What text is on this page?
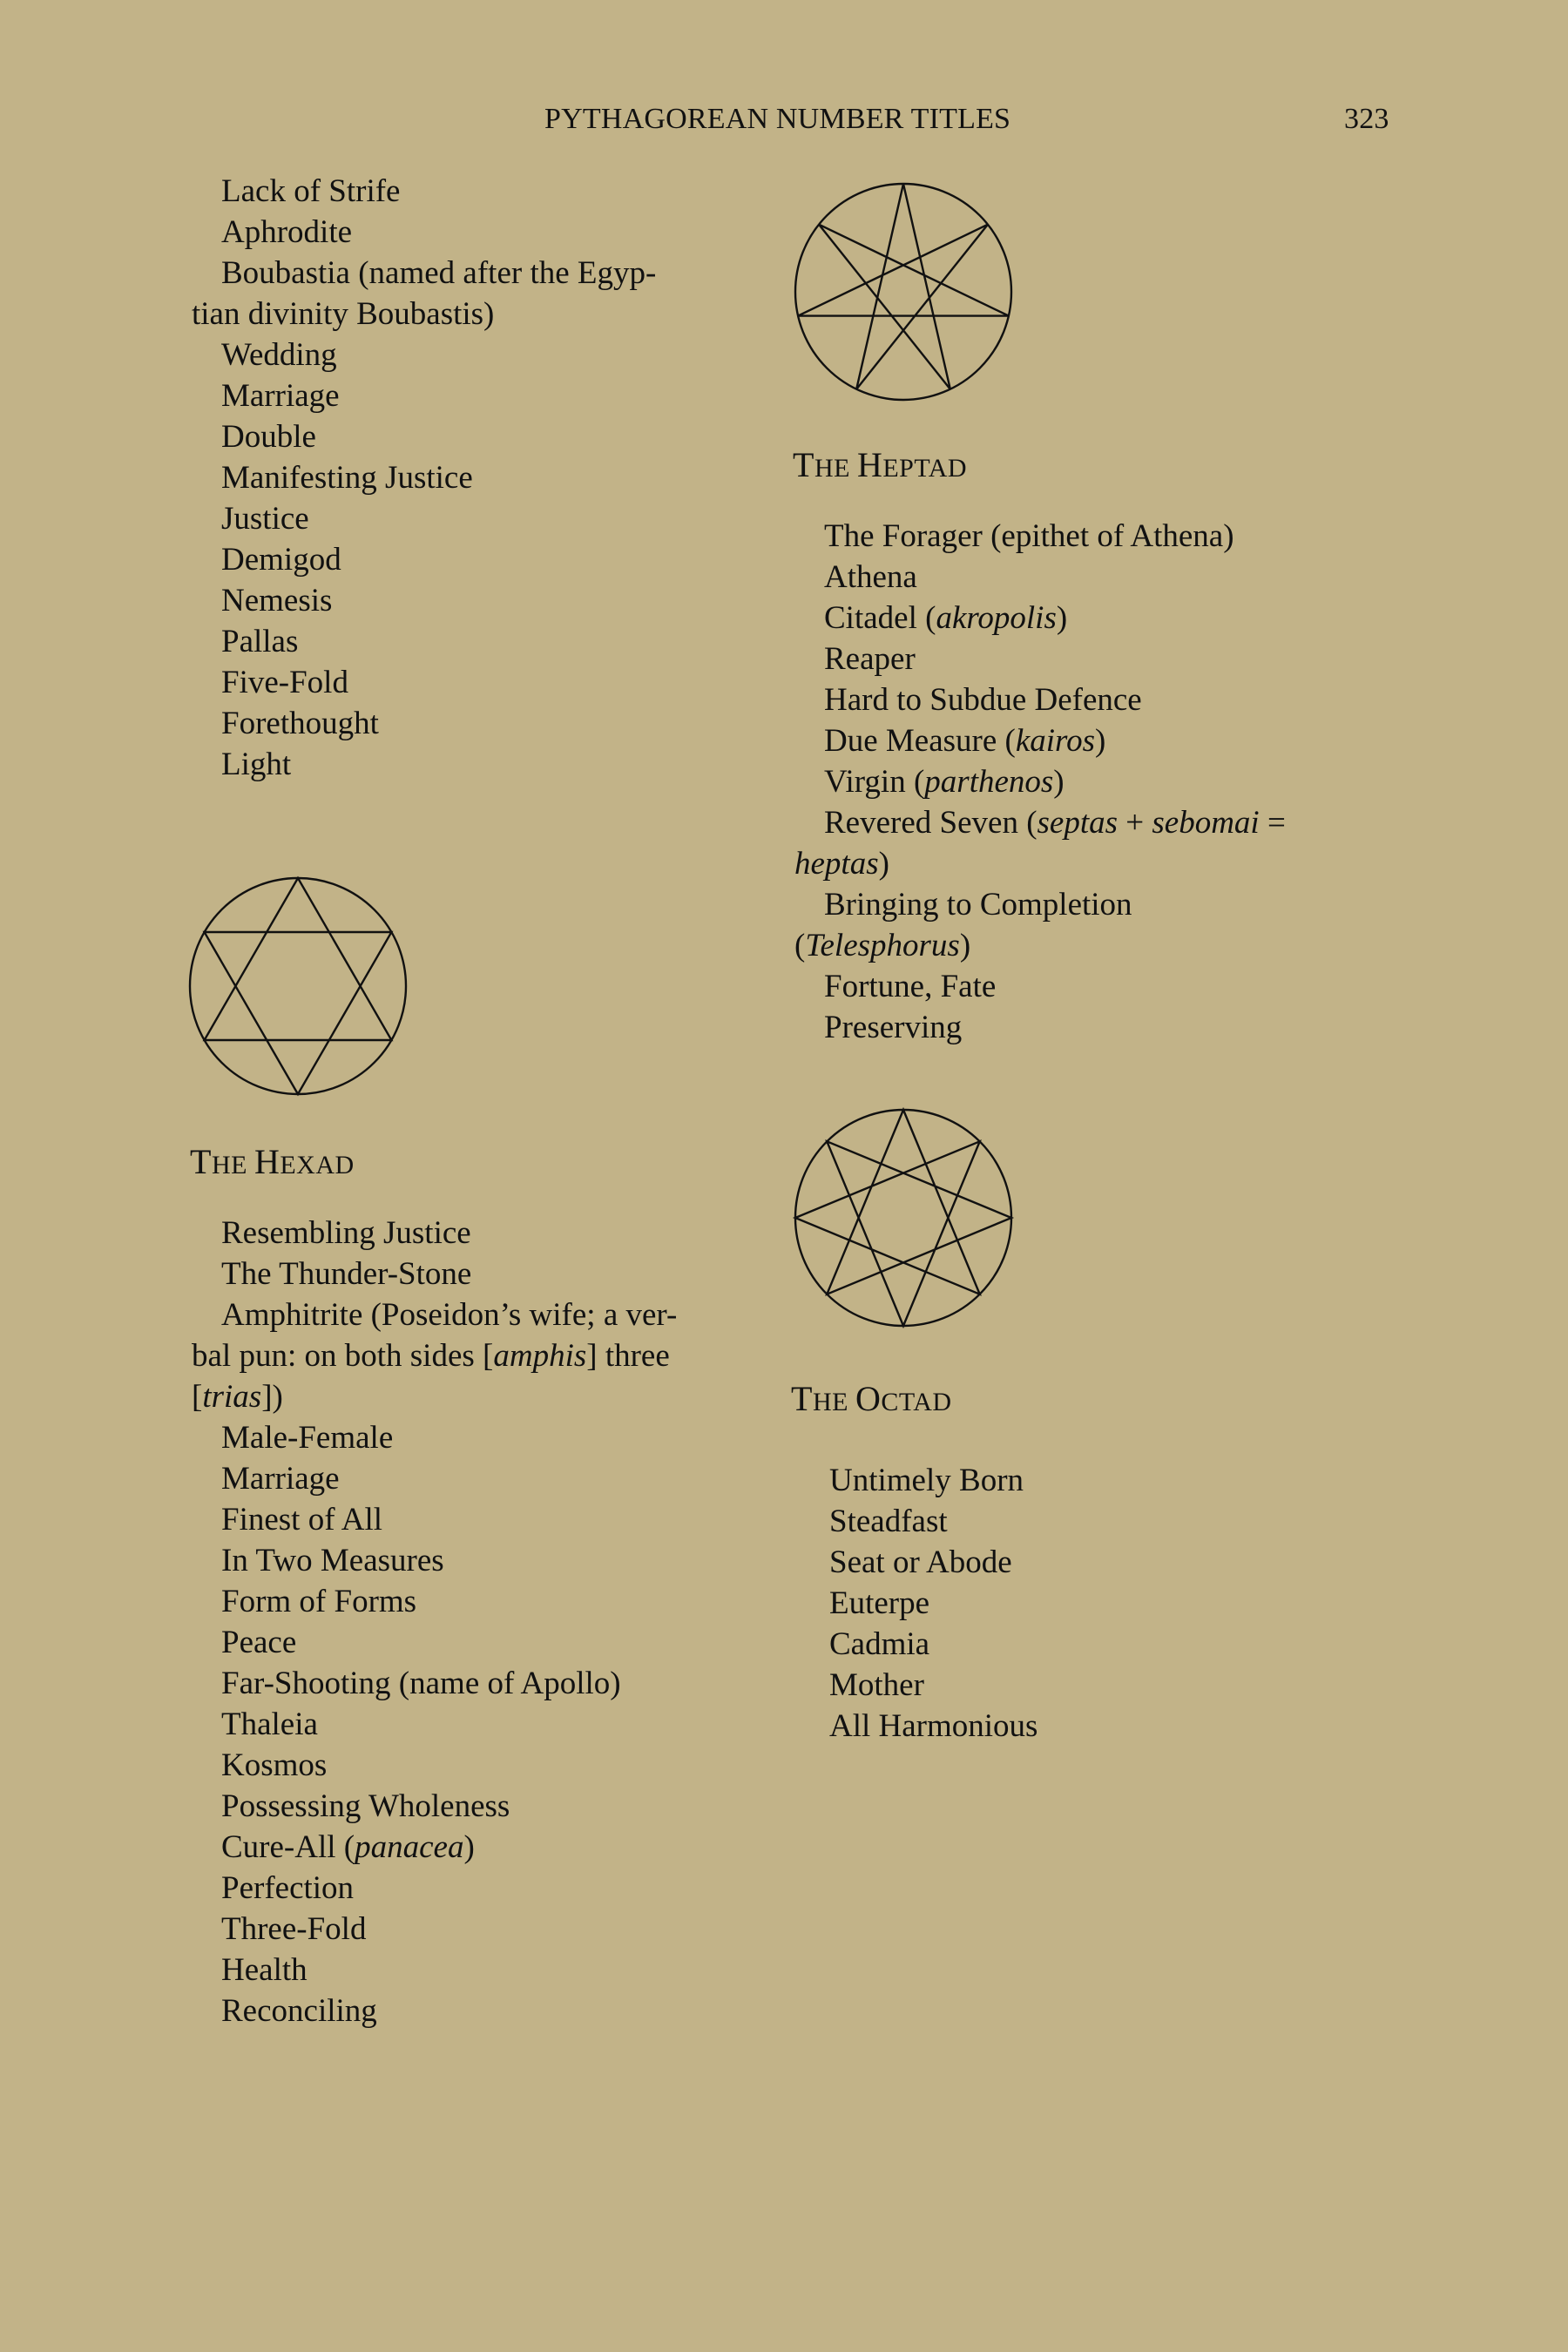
PYTHAGOREAN NUMBER TITLES	323
Lack of Strife
Aphrodite
Boubastia (named after the Egyp-
tian divinity Boubastis)
Wedding
Marriage
Double
Manifesting Justice
Justice
Demigod
Nemesis
Pallas
Five-Fold
Forethought
Light
THE HEXAD
Resembling Justice
The Thunder-Stone
Amphitrite (Poseidon’s wife; a ver-
bal pun: on both sides [amphis] three
[trias])
Male-Female
Marriage
Finest of All
In Two Measures
Form of Forms
Peace
Far-Shooting (name of Apollo)
Thaleia
Kosmos
Possessing Wholeness
Cure-All (panacea)
Perfection
Three-Fold
Health
Reconciling
THE HEPTAD
The Forager (epithet of Athena)
Athena
Citadel (akropolis)
Reaper
Hard to Subdue Defence
Due Measure (kairos)
Virgin (parthenos)
Revered Seven (septas + sebomai =
heptas)
Bringing to Completion
(Telesphorus)
Fortune, Fate
Preserving
THE OCTAD
Untimely Born
Steadfast
Seat or Abode
Euterpe
Cadmia
Mother
All Harmonious
